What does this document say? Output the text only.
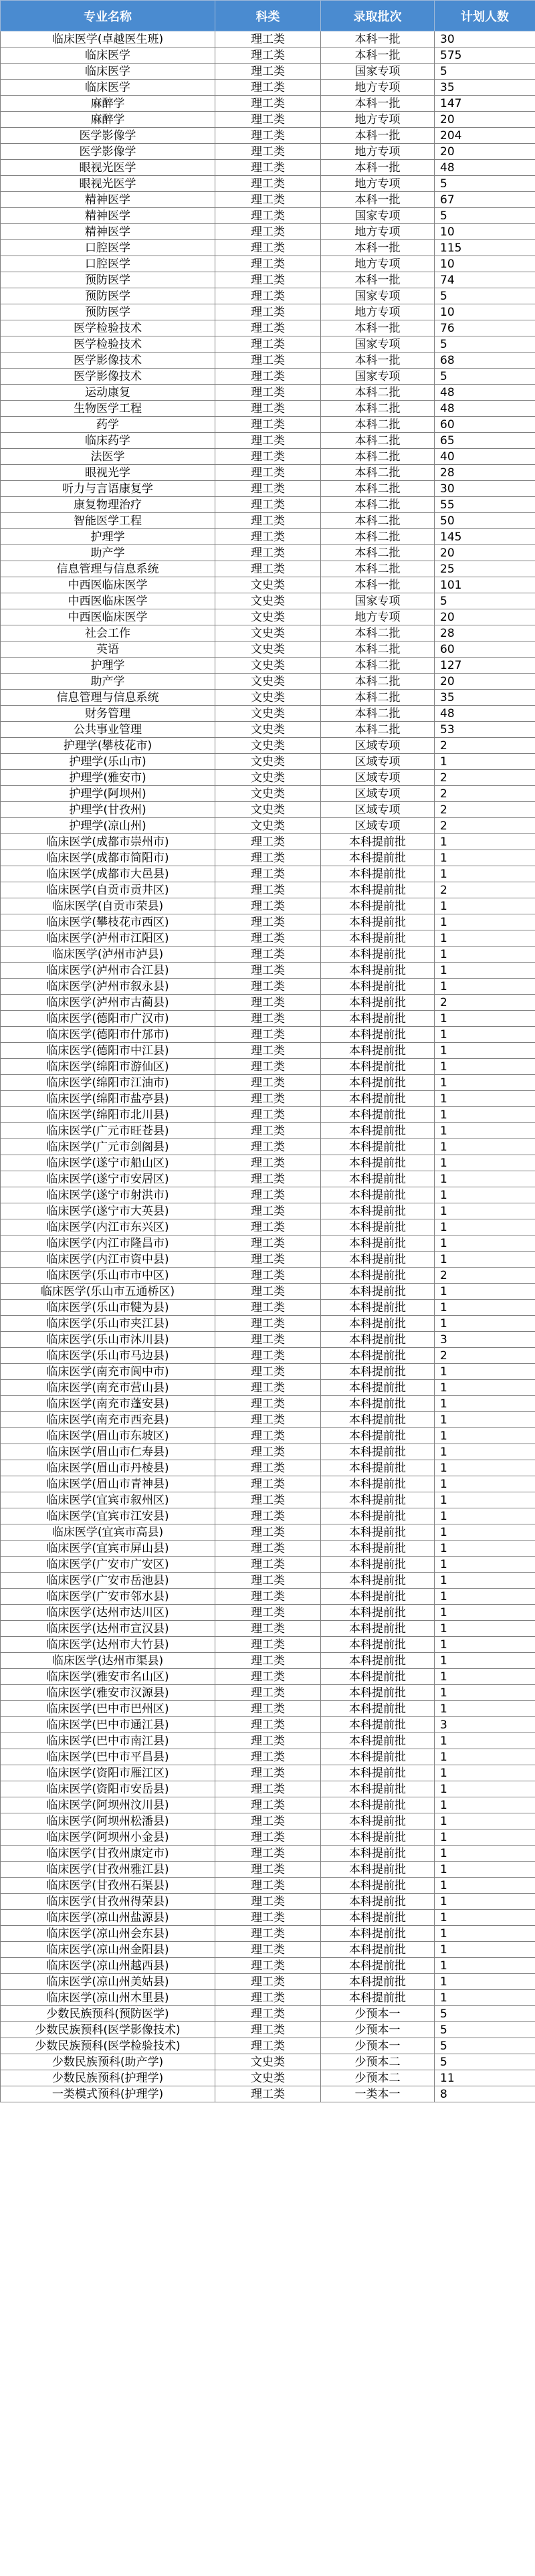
专业名称	科类	录取批次	计划人数
临床医学(卓越医生班)	理工类	本科一批	30
临床医学	理工类	本科一批	575
临床医学	理工类	国家专项	5
临床医学	理工类	地方专项	35
麻醉学	理工类	本科一批	147
麻醉学	理工类	地方专项	20
医学影像学	理工类	本科一批	204
医学影像学	理工类	地方专项	20
眼视光医学	理工类	本科一批	48
眼视光医学	理工类	地方专项	5
精神医学	理工类	本科一批	67
精神医学	理工类	国家专项	5
精神医学	理工类	地方专项	10
口腔医学	理工类	本科一批	115
口腔医学	理工类	地方专项	10
预防医学	理工类	本科一批	74
预防医学	理工类	国家专项	5
预防医学	理工类	地方专项	10
医学检验技术	理工类	本科一批	76
医学检验技术	理工类	国家专项	5
医学影像技术	理工类	本科一批	68
医学影像技术	理工类	国家专项	5
运动康复	理工类	本科二批	48
生物医学工程	理工类	本科二批	48
药学	理工类	本科二批	60
临床药学	理工类	本科二批	65
法医学	理工类	本科二批	40
眼视光学	理工类	本科二批	28
听力与言语康复学	理工类	本科二批	30
康复物理治疗	理工类	本科二批	55
智能医学工程	理工类	本科二批	50
护理学	理工类	本科二批	145
助产学	理工类	本科二批	20
信息管理与信息系统	理工类	本科二批	25
中西医临床医学	文史类	本科一批	101
中西医临床医学	文史类	国家专项	5
中西医临床医学	文史类	地方专项	20
社会工作	文史类	本科二批	28
英语	文史类	本科二批	60
护理学	文史类	本科二批	127
助产学	文史类	本科二批	20
信息管理与信息系统	文史类	本科二批	35
财务管理	文史类	本科二批	48
公共事业管理	文史类	本科二批	53
护理学(攀枝花市)	文史类	区域专项	2
护理学(乐山市)	文史类	区域专项	1
护理学(雅安市)	文史类	区域专项	2
护理学(阿坝州)	文史类	区域专项	2
护理学(甘孜州)	文史类	区域专项	2
护理学(凉山州)	文史类	区域专项	2
临床医学(成都市崇州市)	理工类	本科提前批	1
临床医学(成都市简阳市)	理工类	本科提前批	1
临床医学(成都市大邑县)	理工类	本科提前批	1
临床医学(自贡市贡井区)	理工类	本科提前批	2
临床医学(自贡市荣县)	理工类	本科提前批	1
临床医学(攀枝花市西区)	理工类	本科提前批	1
临床医学(泸州市江阳区)	理工类	本科提前批	1
临床医学(泸州市泸县)	理工类	本科提前批	1
临床医学(泸州市合江县)	理工类	本科提前批	1
临床医学(泸州市叙永县)	理工类	本科提前批	1
临床医学(泸州市古蔺县)	理工类	本科提前批	2
临床医学(德阳市广汉市)	理工类	本科提前批	1
临床医学(德阳市什邡市)	理工类	本科提前批	1
临床医学(德阳市中江县)	理工类	本科提前批	1
临床医学(绵阳市游仙区)	理工类	本科提前批	1
临床医学(绵阳市江油市)	理工类	本科提前批	1
临床医学(绵阳市盐亭县)	理工类	本科提前批	1
临床医学(绵阳市北川县)	理工类	本科提前批	1
临床医学(广元市旺苍县)	理工类	本科提前批	1
临床医学(广元市剑阁县)	理工类	本科提前批	1
临床医学(遂宁市船山区)	理工类	本科提前批	1
临床医学(遂宁市安居区)	理工类	本科提前批	1
临床医学(遂宁市射洪市)	理工类	本科提前批	1
临床医学(遂宁市大英县)	理工类	本科提前批	1
临床医学(内江市东兴区)	理工类	本科提前批	1
临床医学(内江市隆昌市)	理工类	本科提前批	1
临床医学(内江市资中县)	理工类	本科提前批	1
临床医学(乐山市市中区)	理工类	本科提前批	2
临床医学(乐山市五通桥区)	理工类	本科提前批	1
临床医学(乐山市犍为县)	理工类	本科提前批	1
临床医学(乐山市夹江县)	理工类	本科提前批	1
临床医学(乐山市沐川县)	理工类	本科提前批	3
临床医学(乐山市马边县)	理工类	本科提前批	2
临床医学(南充市阆中市)	理工类	本科提前批	1
临床医学(南充市营山县)	理工类	本科提前批	1
临床医学(南充市蓬安县)	理工类	本科提前批	1
临床医学(南充市西充县)	理工类	本科提前批	1
临床医学(眉山市东坡区)	理工类	本科提前批	1
临床医学(眉山市仁寿县)	理工类	本科提前批	1
临床医学(眉山市丹棱县)	理工类	本科提前批	1
临床医学(眉山市青神县)	理工类	本科提前批	1
临床医学(宜宾市叙州区)	理工类	本科提前批	1
临床医学(宜宾市江安县)	理工类	本科提前批	1
临床医学(宜宾市高县)	理工类	本科提前批	1
临床医学(宜宾市屏山县)	理工类	本科提前批	1
临床医学(广安市广安区)	理工类	本科提前批	1
临床医学(广安市岳池县)	理工类	本科提前批	1
临床医学(广安市邻水县)	理工类	本科提前批	1
临床医学(达州市达川区)	理工类	本科提前批	1
临床医学(达州市宣汉县)	理工类	本科提前批	1
临床医学(达州市大竹县)	理工类	本科提前批	1
临床医学(达州市渠县)	理工类	本科提前批	1
临床医学(雅安市名山区)	理工类	本科提前批	1
临床医学(雅安市汉源县)	理工类	本科提前批	1
临床医学(巴中市巴州区)	理工类	本科提前批	1
临床医学(巴中市通江县)	理工类	本科提前批	3
临床医学(巴中市南江县)	理工类	本科提前批	1
临床医学(巴中市平昌县)	理工类	本科提前批	1
临床医学(资阳市雁江区)	理工类	本科提前批	1
临床医学(资阳市安岳县)	理工类	本科提前批	1
临床医学(阿坝州汶川县)	理工类	本科提前批	1
临床医学(阿坝州松潘县)	理工类	本科提前批	1
临床医学(阿坝州小金县)	理工类	本科提前批	1
临床医学(甘孜州康定市)	理工类	本科提前批	1
临床医学(甘孜州雅江县)	理工类	本科提前批	1
临床医学(甘孜州石渠县)	理工类	本科提前批	1
临床医学(甘孜州得荣县)	理工类	本科提前批	1
临床医学(凉山州盐源县)	理工类	本科提前批	1
临床医学(凉山州会东县)	理工类	本科提前批	1
临床医学(凉山州金阳县)	理工类	本科提前批	1
临床医学(凉山州越西县)	理工类	本科提前批	1
临床医学(凉山州美姑县)	理工类	本科提前批	1
临床医学(凉山州木里县)	理工类	本科提前批	1
少数民族预科(预防医学)	理工类	少预本一	5
少数民族预科(医学影像技术)	理工类	少预本一	5
少数民族预科(医学检验技术)	理工类	少预本一	5
少数民族预科(助产学)	文史类	少预本二	5
少数民族预科(护理学)	文史类	少预本二	11
一类模式预科(护理学)	理工类	一类本一	8
